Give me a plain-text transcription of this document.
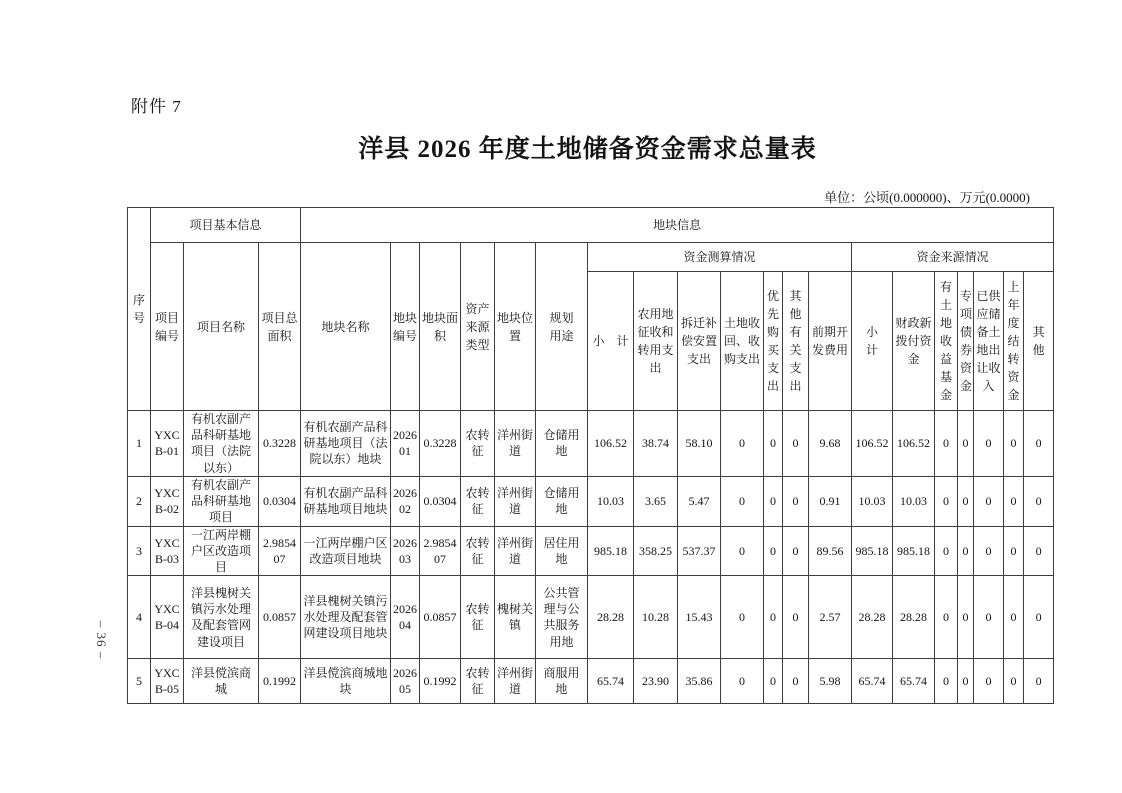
附件 7
洋县 2026 年度土地储备资金需求总量表
单位：公顷(0.000000)、万元(0.0000)
– 36 –
序号	项目基本信息			地块信息																			
	项目编号	项目名称	项目总面积	地块名称	地块编号	地块面积	资产来源类型	地块位置	规划用途	资金测算情况							资金来源情况						
										小　计	农用地征收和转用支出	拆迁补偿安置支出	土地收回、收购支出	优先购买支出	其他有关支出	前期开发费用	小计	财政新拨付资金	有土地收益基金	专项债券资金	已供应储备土地出让收入	上年度结转资金	其他

1	YXCB-01	有机农副产品科研基地项目（法院以东）	0.3228	有机农副产品科研基地项目（法院以东）地块	202601	0.3228	农转征	洋州街道	仓储用地	106.52	38.74	58.10	0	0	0	9.68	106.52	106.52	0	0	0	0	0
2	YXCB-02	有机农副产品科研基地项目	0.0304	有机农副产品科研基地项目地块	202602	0.0304	农转征	洋州街道	仓储用地	10.03	3.65	5.47	0	0	0	0.91	10.03	10.03	0	0	0	0	0
3	YXCB-03	一江两岸棚户区改造项目	2.985407	一江两岸棚户区改造项目地块	202603	2.985407	农转征	洋州街道	居住用地	985.18	358.25	537.37	0	0	0	89.56	985.18	985.18	0	0	0	0	0
4	YXCB-04	洋县槐树关镇污水处理及配套管网建设项目	0.0857	洋县槐树关镇污水处理及配套管网建设项目地块	202604	0.0857	农转征	槐树关镇	公共管理与公共服务用地	28.28	10.28	15.43	0	0	0	2.57	28.28	28.28	0	0	0	0	0
5	YXCB-05	洋县傥滨商城	0.1992	洋县傥滨商城地块	202605	0.1992	农转征	洋州街道	商服用地	65.74	23.90	35.86	0	0	0	5.98	65.74	65.74	0	0	0	0	0
